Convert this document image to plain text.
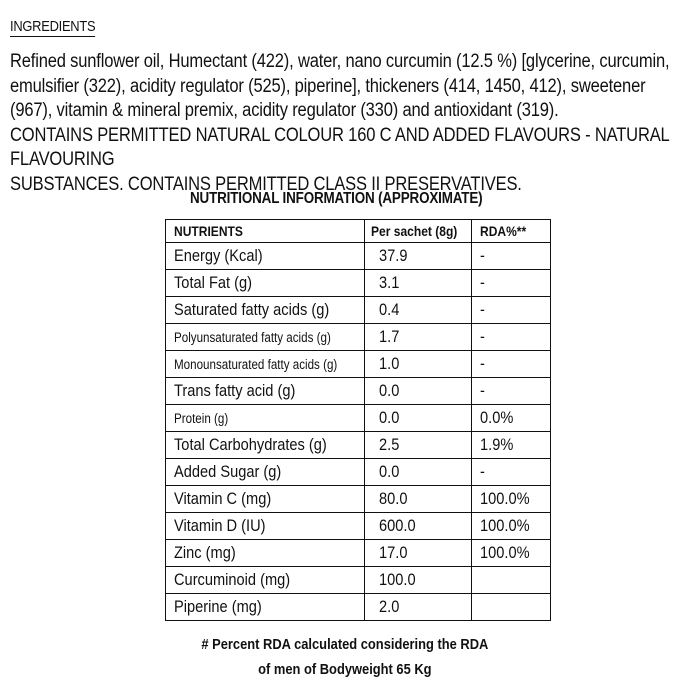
INGREDIENTS

Refined sunflower oil, Humectant (422), water, nano curcumin (12.5 %) [glycerine, curcumin,

emulsifier (322), acidity regulator (525), piperine], thickeners (414, 1450, 412), sweetener

(967), vitamin & mineral premix, acidity regulator (330) and antioxidant (319).

CONTAINS PERMITTED NATURAL COLOUR 160 C AND ADDED FLAVOURS - NATURAL FLAVOURING

SUBSTANCES. CONTAINS PERMITTED CLASS II PRESERVATIVES.

NUTRITIONAL INFORMATION (APPROXIMATE)
NUTRIENTS	Per sachet (8g)	RDA%**
Energy (Kcal)	37.9	-
Total Fat (g)	3.1	-
Saturated fatty acids (g)	0.4	-
Polyunsaturated fatty acids (g)	1.7	-
Monounsaturated fatty acids (g)	1.0	-
Trans fatty acid (g)	0.0	-
Protein (g)	0.0	0.0%
Total Carbohydrates (g)	2.5	1.9%
Added Sugar (g)	0.0	-
Vitamin C (mg)	80.0	100.0%
Vitamin D (IU)	600.0	100.0%
Zinc (mg)	17.0	100.0%
Curcuminoid (mg)	100.0	
Piperine (mg)	2.0	
# Percent RDA calculated considering the RDA
of men of Bodyweight 65 Kg
